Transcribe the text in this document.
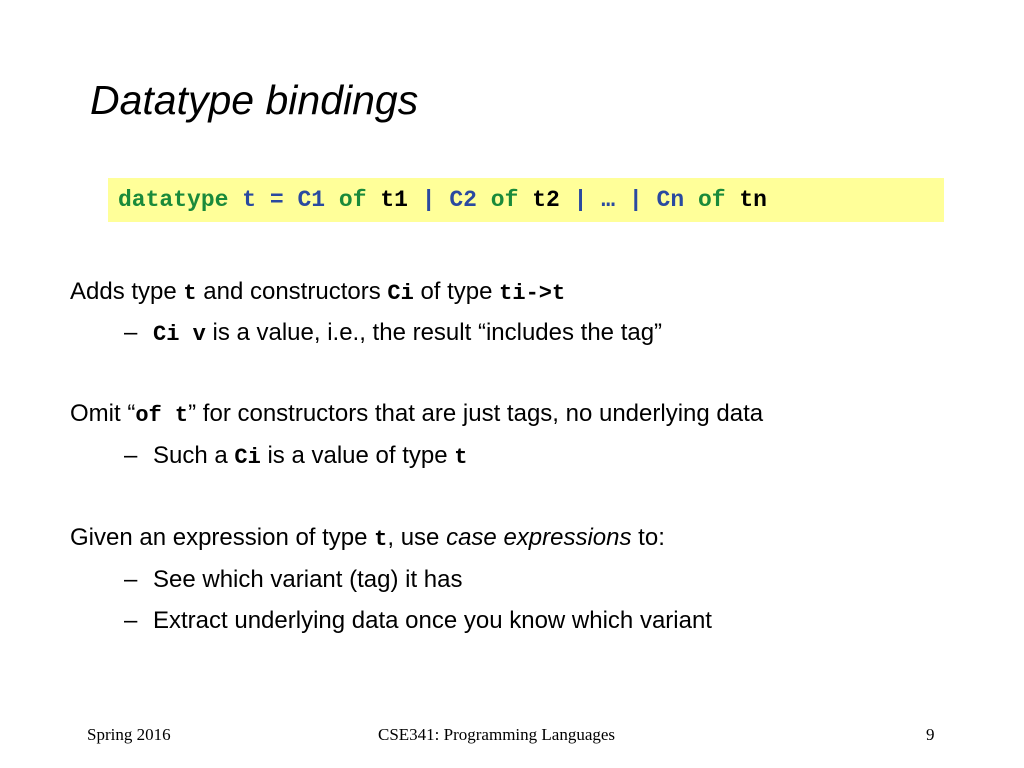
Datatype bindings
datatype t = C1 of t1 | C2 of t2 | … | Cn of tn
Adds type t and constructors Ci of type ti->t
– Ci v is a value, i.e., the result “includes the tag”
Omit “of t” for constructors that are just tags, no underlying data
– Such a Ci is a value of type t
Given an expression of type t, use case expressions to:
– See which variant (tag) it has
– Extract underlying data once you know which variant
Spring 2016	CSE341: Programming Languages	9
